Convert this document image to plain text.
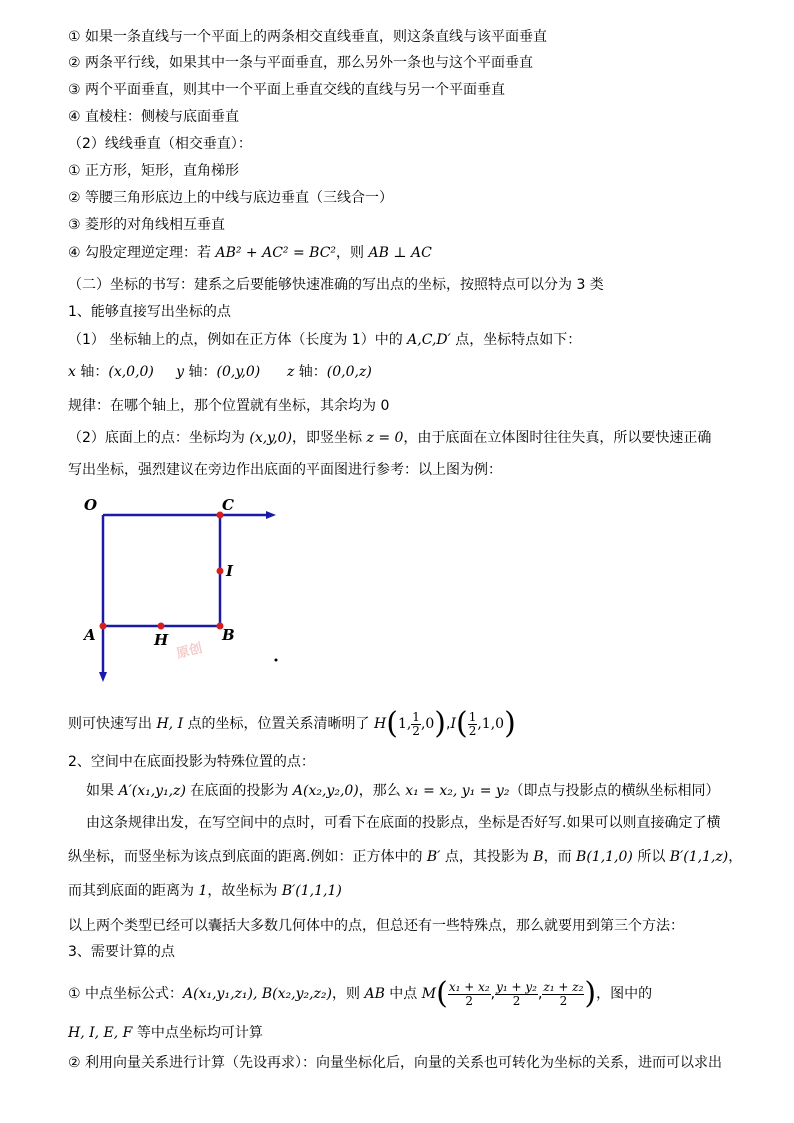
① 如果一条直线与一个平面上的两条相交直线垂直，则这条直线与该平面垂直
② 两条平行线，如果其中一条与平面垂直，那么另外一条也与这个平面垂直
③ 两个平面垂直，则其中一个平面上垂直交线的直线与另一个平面垂直
④ 直棱柱：侧棱与底面垂直
（2）线线垂直（相交垂直）：
① 正方形，矩形，直角梯形
② 等腰三角形底边上的中线与底边垂直（三线合一）
③ 菱形的对角线相互垂直
④ 勾股定理逆定理：若 AB² + AC² = BC²，则 AB ⊥ AC
（二）坐标的书写：建系之后要能够快速准确的写出点的坐标，按照特点可以分为 3 类
1、能够直接写出坐标的点
（1） 坐标轴上的点，例如在正方体（长度为 1）中的 A,C,D′ 点，坐标特点如下：
x 轴：(x,0,0) y 轴：(0,y,0) z 轴：(0,0,z)
规律：在哪个轴上，那个位置就有坐标，其余均为 0
（2）底面上的点：坐标均为 (x,y,0)，即竖坐标 z = 0，由于底面在立体图时往往失真，所以要快速正确
写出坐标，强烈建议在旁边作出底面的平面图进行参考：以上图为例：
O	C
I
A	H	B
原创
则可快速写出 H, I 点的坐标，位置关系清晰明了 H(1, $\frac{1}{2} ,0),I( \frac{1}{2} ,1,0)$
2、空间中在底面投影为特殊位置的点：
如果 A′(x₁,y₁,z) 在底面的投影为 A(x₂,y₂,0)，那么 x₁ = x₂, y₁ = y₂（即点与投影点的横纵坐标相同）
由这条规律出发，在写空间中的点时，可看下在底面的投影点，坐标是否好写.如果可以则直接确定了横
纵坐标，而竖坐标为该点到底面的距离.例如：正方体中的 B′ 点，其投影为 B，而 B(1,1,0) 所以 B′(1,1,z)，
而其到底面的距离为 1，故坐标为 B′(1,1,1)
以上两个类型已经可以囊括大多数几何体中的点，但总还有一些特殊点，那么就要用到第三个方法：
3、需要计算的点
① 中点坐标公式：A(x₁,y₁,z₁), B(x₂,y₂,z₂)，则 AB 中点 $M( \frac{\text{x₁ + x₂}}{2}$ , $\frac{\text{y₁ + y₂}}{2}$ , $\frac{\text{z₁ + z₂}}{2}$ )，图中的
H, I, E, F 等中点坐标均可计算
② 利用向量关系进行计算（先设再求）：向量坐标化后，向量的关系也可转化为坐标的关系，进而可以求出
